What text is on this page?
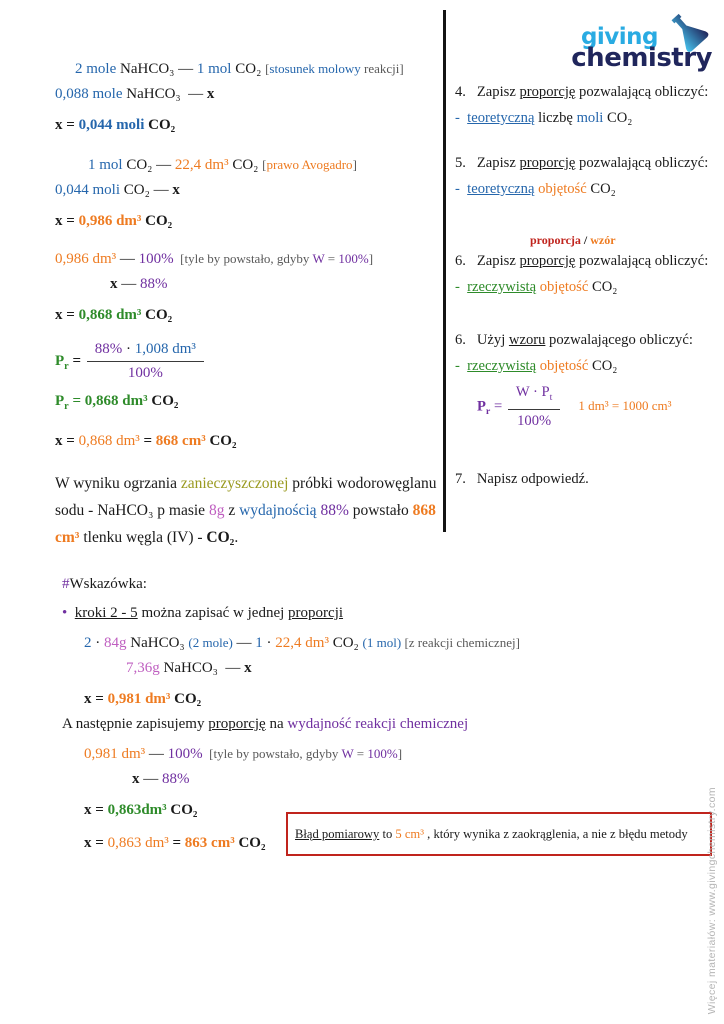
giving
chemistry
2 mole NaHCO₃ — 1 mol CO₂ [stosunek molowy reakcji]
0,088 mole NaHCO₃  — x
x = 0,044 moli CO₂
1 mol CO₂ — 22,4 dm³ CO₂ [prawo Avogadro]
0,044 moli CO₂ — x
x = 0,986 dm³ CO₂
0,986 dm³ — 100%  [tyle by powstało, gdyby W = 100%]
x — 88%
x = 0,868 dm³ CO₂
$P_r = \frac{\text{88\% · 1,008 dm³}}{100\%}$
$P_r = 0,868$ dm³ CO₂
x = 0,868 dm³ = 868 cm³ CO₂
W wyniku ogrzania zanieczyszczonej próbki wodorowęglanu sodu - NaHCO₃ p masie 8g z wydajnością 88% powstało 868 cm³ tlenku węgla (IV) - CO₂.
4.   Zapisz proporcję pozwalającą obliczyć:
-  teoretyczną liczbę moli CO₂
5.   Zapisz proporcję pozwalającą obliczyć:
-  teoretyczną objętość CO₂
proporcja / wzór
6.   Zapisz proporcję pozwalającą obliczyć:
-  rzeczywistą objętość CO₂
6.   Użyj wzoru pozwalającego obliczyć:
-  rzeczywistą objętość CO₂
$P_r = \frac{W \cdot P_t}{100\%} 1$ dm³ = 1000 cm³
7.   Napisz odpowiedź.
#Wskazówka:
•  kroki 2 - 5 można zapisać w jednej proporcji
2 · 84g NaHCO₃ (2 mole) — 1 · 22,4 dm³ CO₂ (1 mol) [z reakcji chemicznej]
7,36g NaHCO₃  — x
x = 0,981 dm³ CO₂
A następnie zapisujemy proporcję na wydajność reakcji chemicznej
0,981 dm³ — 100%  [tyle by powstało, gdyby W = 100%]
x — 88%
x = 0,863dm³ CO₂
x = 0,863 dm³ = 863 cm³ CO₂
Błąd pomiarowy to 5 cm³ , który wynika z zaokrąglenia, a nie z błędu metody	Więcej materiałów: www.givingchemistry.com
